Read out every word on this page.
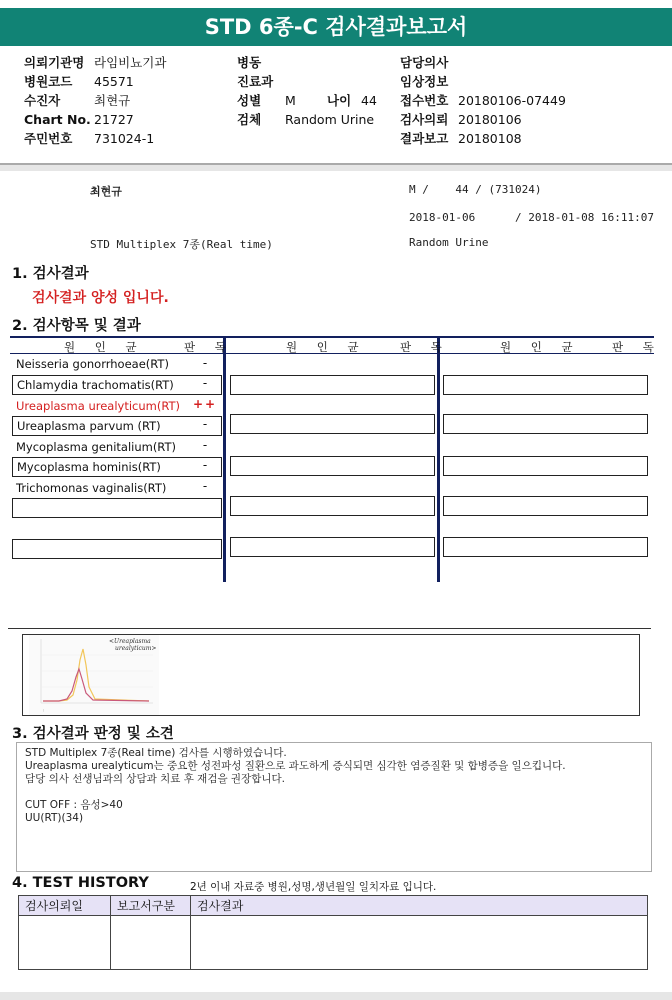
STD 6종-C 검사결과보고서
의뢰기관명 라임비뇨기과
병원코드 45571
수진자	최현규
Chart No. 21727
주민번호 731024-1
병동
진료과
성별 M 나이 44
검체 Random Urine
담당의사
임상정보
접수번호 20180106-07449
검사의뢰 20180106
결과보고 20180108
최현규	M /    44 / (731024)
2018-01-06      / 2018-01-08 16:11:07
STD Multiplex 7종(Real time)	Random Urine
1. 검사결과
검사결과 양성 입니다.
2. 검사항목 및 결과
원 인 균	판 독	원 인 균	판 독	원 인 균	판 독
Neisseria gonorrhoeae(RT)	-
Chlamydia trachomatis(RT)	-
Ureaplasma urealyticum(RT)	++
Ureaplasma parvum (RT)	-
Mycoplasma genitalium(RT)	-
Mycoplasma hominis(RT)	-
Trichomonas vaginalis(RT)	-
|
<Ureaplasma
urealyticum>
3. 검사결과 판정 및 소견
STD Multiplex 7종(Real time) 검사를 시행하였습니다.
Ureaplasma urealyticum는 중요한 성전파성 질환으로 과도하게 증식되면 심각한 염증질환 및 합병증을 일으킵니다.
담당 의사 선생님과의 상담과 치료 후 재검을 권장합니다.
CUT OFF : 음성>40
UU(RT)(34)
4. TEST HISTORY	2년 이내 자료중 병원,성명,생년월일 일치자료 입니다.
검사의뢰일	보고서구분	검사결과
